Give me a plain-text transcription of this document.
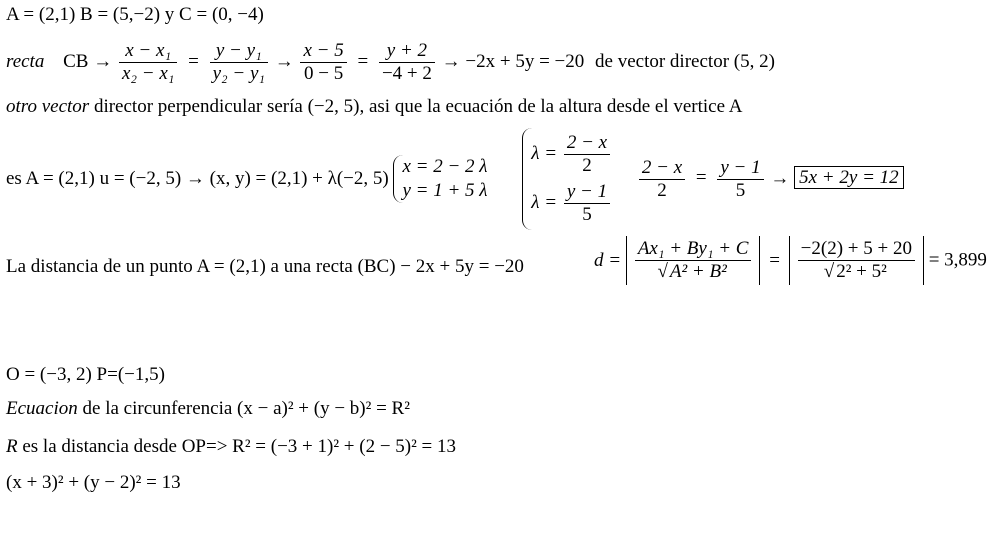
A = (2,1) B = (5,−2) y C = (0, −4)
recta CB → $\frac{\text{x − x₁}}{\text{x₂ − x₁}} = \frac{\text{y − y₁}}{\text{y₂ − y₁}} \to \frac{x - 5}{0 - 5} = \frac{y + 2}{-4 + 2} \to -2x + 5y = -20$ de vector director (5, 2)
otro vector director perpendicular sería (−2, 5), asi que la ecuación de la altura desde el vertice A
es A = (2,1) u = (−2, 5) → (x, y) = (2,1) + λ(−2, 5)
x = 2 − 2 λ
y = 1 + 5 λ

$\lambda = \frac{2 - x}{2}$
$\lambda = \frac{y - 1}{5}$

$\frac{2 - x}{2} = \frac{y - 1}{5} \to 5x + 2y = 12$
La distancia de un punto A = (2,1) a una recta (BC) − 2x + 5y = −20	$d = \frac{\text{Ax₁ + By₁ + C}}{\text{√ A² + B²}} = \frac{-2(2) + 5 + 20}{\text{√ 2² + 5²}} = 3,899$
O = (−3, 2) P=(−1,5)
Ecuacion de la circunferencia (x − a)² + (y − b)² = R²
R es la distancia desde OP=> R² = (−3 + 1)² + (2 − 5)² = 13
(x + 3)² + (y − 2)² = 13
